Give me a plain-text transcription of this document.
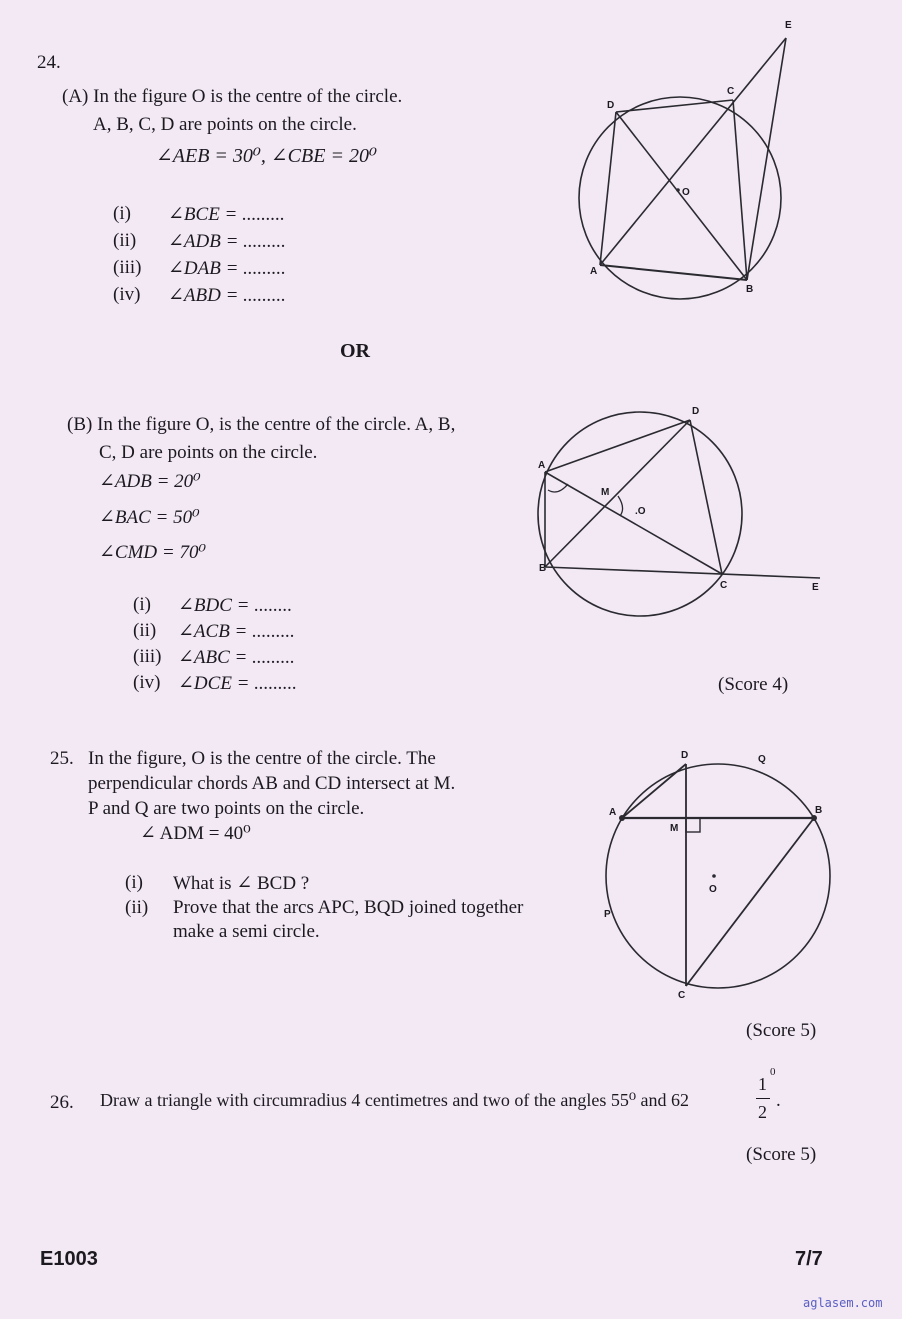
24.
(A) In the figure O is the centre of the circle.
A, B, C, D are points on the circle.
∠AEB = 30⁰, ∠CBE = 20⁰
(i) ∠BCE = .........
(ii) ∠ADB = .........
(iii) ∠DAB = .........
(iv) ∠ABD = .........
OR
E
C
D
O
A
B
(B) In the figure O, is the centre of the circle. A, B,
C, D are points on the circle.
∠ADB = 20⁰
∠BAC = 50⁰
∠CMD = 70⁰
(i) ∠BDC = ........
(ii) ∠ACB = .........
(iii) ∠ABC = .........
(iv) ∠DCE = .........	(Score 4)
D
A
M
.O
B
C	E
25. In the figure, O is the centre of the circle. The
perpendicular chords AB and CD intersect at M.
P and Q are two points on the circle.
∠ ADM = 40⁰
(i) What is ∠ BCD ?
(ii) Prove that the arcs APC, BQD joined together
make a semi circle.
(Score 5)
D	Q
A	B
M
O
P
C
26. Draw a triangle with circumradius 4 centimetres and two of the angles 55⁰ and 62
1
0
2
.
(Score 5)
E1003	7/7
aglasem.com
